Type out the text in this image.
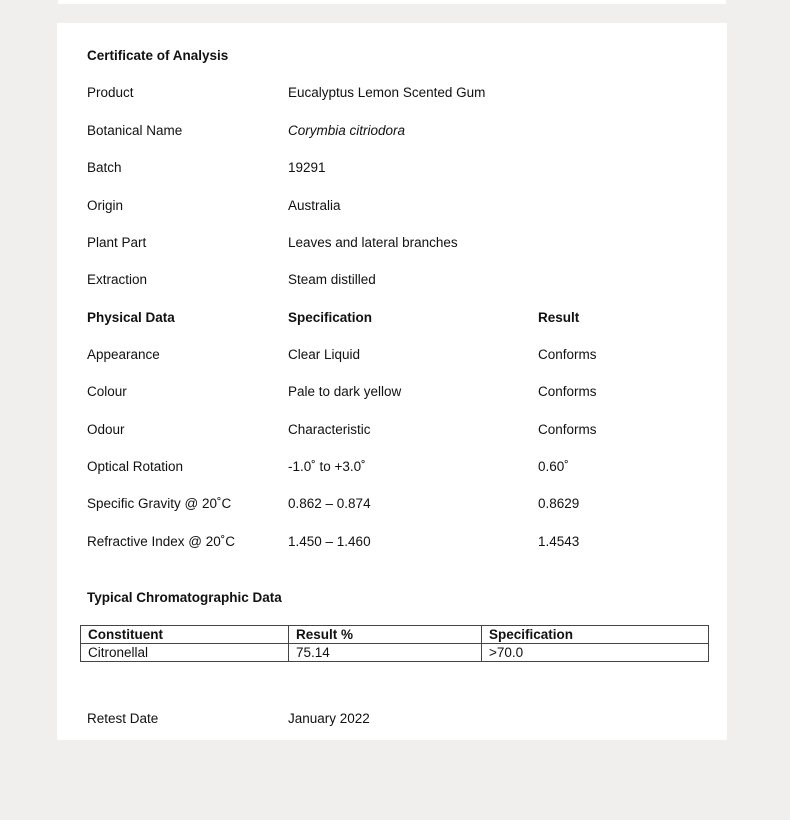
Certificate of Analysis
Product	Eucalyptus Lemon Scented Gum
Botanical Name	Corymbia citriodora
Batch	19291
Origin	Australia
Plant Part	Leaves and lateral branches
Extraction	Steam distilled
Physical Data	Specification	Result
Appearance	Clear Liquid	Conforms
Colour	Pale to dark yellow	Conforms
Odour	Characteristic	Conforms
Optical Rotation	-1.0˚ to +3.0˚	0.60˚
Specific Gravity @ 20˚C	0.862 – 0.874	0.8629
Refractive Index @ 20˚C	1.450 – 1.460	1.4543
Typical Chromatographic Data
Constituent	Result %	Specification
Citronellal	75.14	>70.0
Retest Date	January 2022
